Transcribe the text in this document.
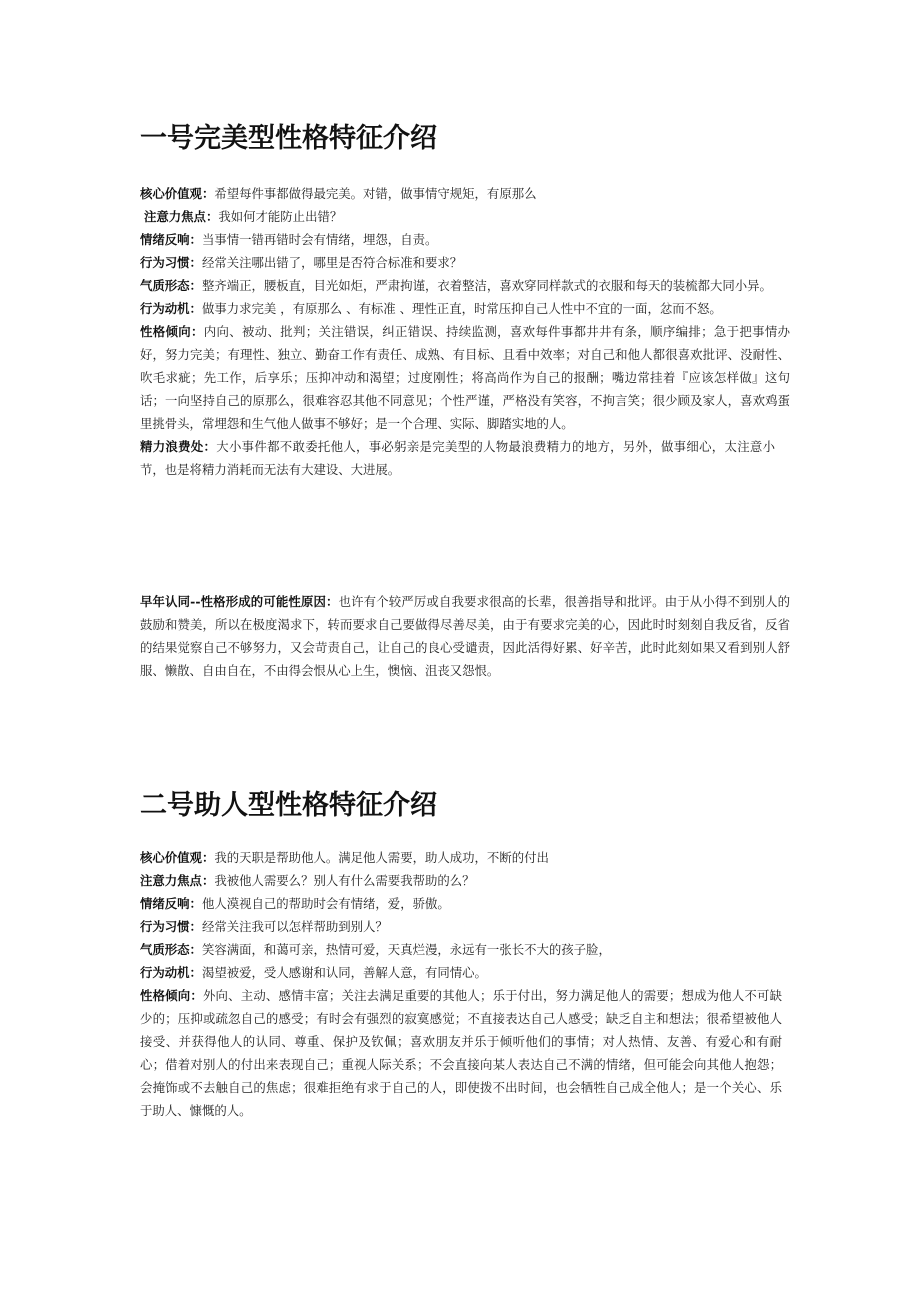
一号完美型性格特征介绍

核心价值观：希望每件事都做得最完美。对错，做事情守规矩，有原那么

注意力焦点：我如何才能防止出错？

情绪反响：当事情一错再错时会有情绪，埋怨，自责。

行为习惯：经常关注哪出错了，哪里是否符合标准和要求？

气质形态：整齐端正，腰板直，目光如炬，严肃拘谨，衣着整洁，喜欢穿同样款式的衣服和每天的装梳都大同小异。

行为动机：做事力求完美 ，有原那么 、有标准 、理性正直，时常压抑自己人性中不宜的一面，忿而不怒。

性格倾向：内向、被动、批判；关注错误，纠正错误、持续监测，喜欢每件事都井井有条，顺序编排；急于把事情办好，努力完美；有理性、独立、勤奋工作有责任、成熟、有目标、且看中效率；对自己和他人都很喜欢批评、没耐性、吹毛求疵；先工作，后享乐；压抑冲动和渴望；过度刚性；将高尚作为自己的报酬；嘴边常挂着『应该怎样做』这句话；一向坚持自己的原那么，很难容忍其他不同意见；个性严谨，严格没有笑容，不拘言笑；很少顾及家人，喜欢鸡蛋里挑骨头，常埋怨和生气他人做事不够好；是一个合理、实际、脚踏实地的人。

精力浪费处：大小事件都不敢委托他人，事必躬亲是完美型的人物最浪费精力的地方，另外，做事细心，太注意小节，也是将精力消耗而无法有大建设、大进展。

早年认同--性格形成的可能性原因：也许有个较严厉或自我要求很高的长辈，很善指导和批评。由于从小得不到别人的鼓励和赞美，所以在极度渴求下，转而要求自己要做得尽善尽美，由于有要求完美的心，因此时时刻刻自我反省，反省的结果觉察自己不够努力，又会苛责自己，让自己的良心受谴责，因此活得好累、好辛苦，此时此刻如果又看到别人舒服、懒散、自由自在，不由得会恨从心上生，懊恼、沮丧又怨恨。

二号助人型性格特征介绍

核心价值观：我的天职是帮助他人。满足他人需要，助人成功，不断的付出

注意力焦点：我被他人需要么？别人有什么需要我帮助的么？

情绪反响：他人漠视自己的帮助时会有情绪，爱，骄傲。

行为习惯：经常关注我可以怎样帮助到别人？

气质形态：笑容满面，和蔼可亲，热情可爱，天真烂漫，永远有一张长不大的孩子脸，

行为动机：渴望被爱，受人感谢和认同，善解人意，有同情心。

性格倾向：外向、主动、感情丰富；关注去满足重要的其他人；乐于付出，努力满足他人的需要；想成为他人不可缺少的；压抑或疏忽自己的感受；有时会有强烈的寂寞感觉；不直接表达自己人感受；缺乏自主和想法；很希望被他人接受、并获得他人的认同、尊重、保护及钦佩；喜欢朋友并乐于倾听他们的事情；对人热情、友善、有爱心和有耐心；借着对别人的付出来表现自己；重视人际关系；不会直接向某人表达自己不满的情绪，但可能会向其他人抱怨；会掩饰或不去触自己的焦虑；很难拒绝有求于自己的人，即使拨不出时间，也会牺牲自己成全他人；是一个关心、乐于助人、慷慨的人。
